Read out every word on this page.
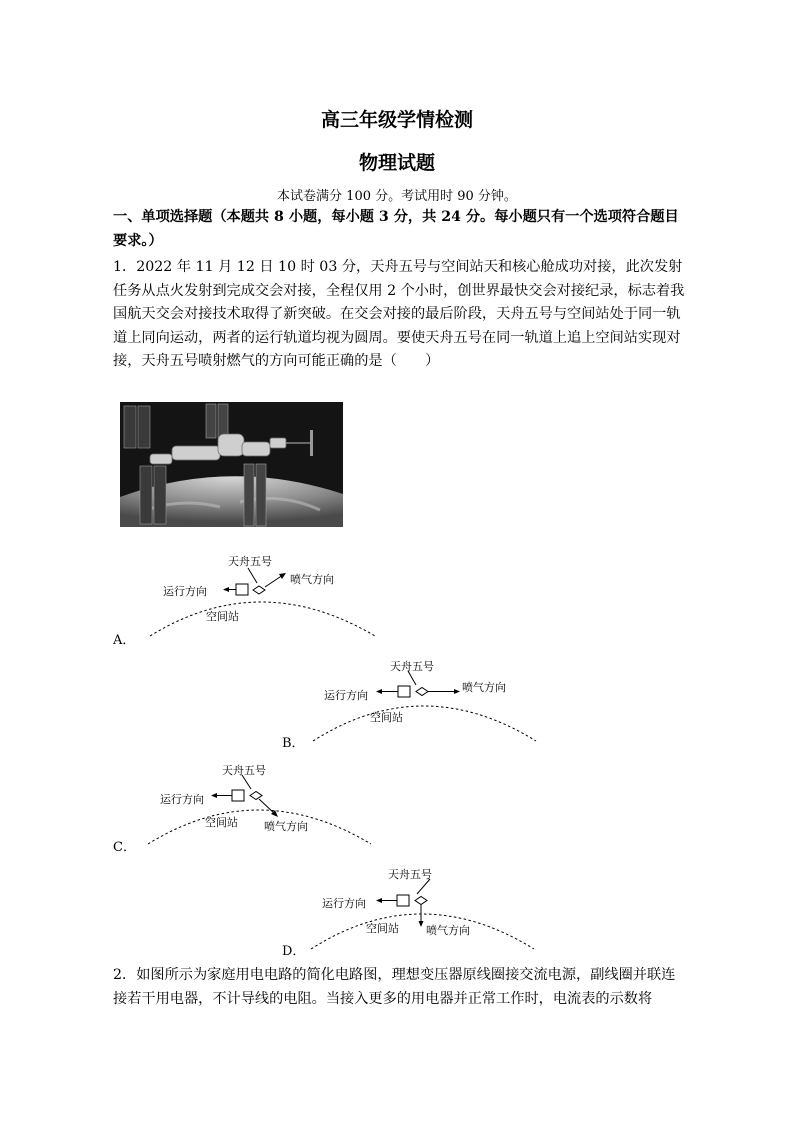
高三年级学情检测
物理试题
本试卷满分 100 分。考试用时 90 分钟。
一、单项选择题（本题共 8 小题，每小题 3 分，共 24 分。每小题只有一个选项符合题目要求。）
1．2022 年 11 月 12 日 10 时 03 分，天舟五号与空间站天和核心舱成功对接，此次发射任务从点火发射到完成交会对接，全程仅用 2 个小时，创世界最快交会对接纪录，标志着我国航天交会对接技术取得了新突破。在交会对接的最后阶段，天舟五号与空间站处于同一轨道上同向运动，两者的运行轨道均视为圆周。要使天舟五号在同一轨道上追上空间站实现对接，天舟五号喷射燃气的方向可能正确的是（　　）
A．
天舟五号
运行方向
喷气方向
空间站
B．
天舟五号
运行方向
喷气方向
空间站
C．
天舟五号
运行方向
空间站 喷气方向
D．
天舟五号
运行方向
空间站 喷气方向
2．如图所示为家庭用电电路的简化电路图，理想变压器原线圈接交流电源，副线圈并联连接若干用电器，不计导线的电阻。当接入更多的用电器并正常工作时，电流表的示数将
